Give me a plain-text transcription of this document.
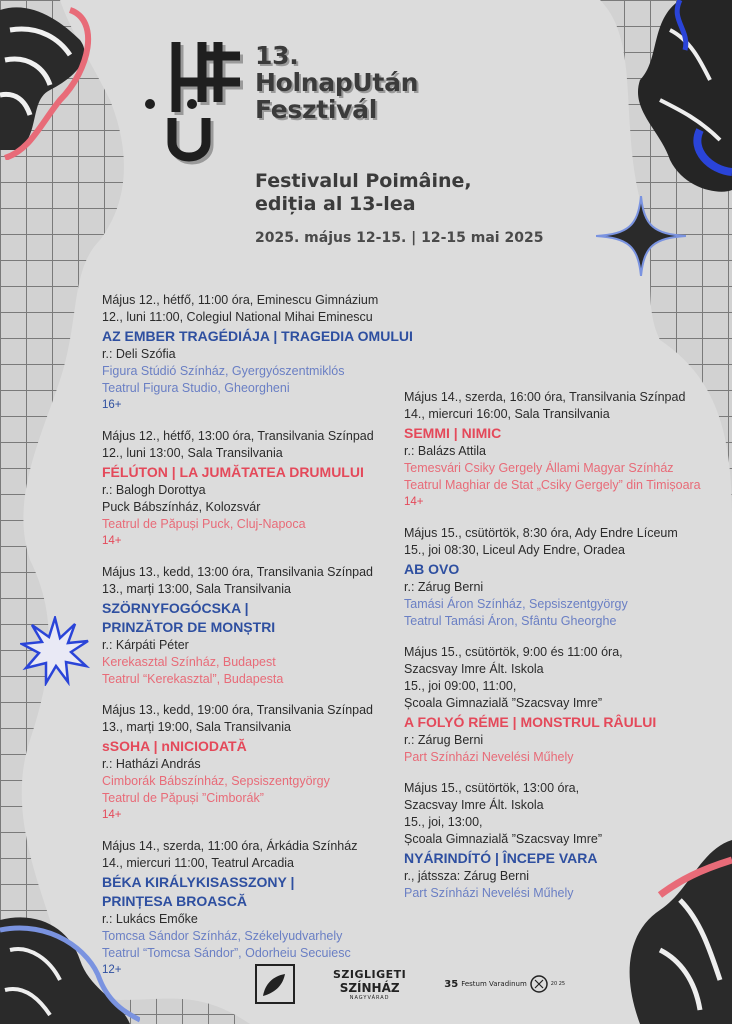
13.
HolnapUtán
Fesztivál
Festivalul Poimâine,
ediția al 13-lea
2025. május 12-15. | 12-15 mai 2025
Május 12., hétfő, 11:00 óra, Eminescu Gimnázium
12., luni 11:00, Colegiul National Mihai Eminescu
AZ EMBER TRAGÉDIÁJA | TRAGEDIA OMULUI
r.: Deli Szófia
Figura Stúdió Színház, Gyergyószentmiklós
Teatrul Figura Studio, Gheorgheni
16+
Május 12., hétfő, 13:00 óra, Transilvania Színpad
12., luni 13:00, Sala Transilvania
FÉLÚTON | LA JUMĂTATEA DRUMULUI
r.: Balogh Dorottya
Puck Bábszínház, Kolozsvár
Teatrul de Păpuși Puck, Cluj-Napoca
14+
Május 13., kedd, 13:00 óra, Transilvania Színpad
13., marți 13:00, Sala Transilvania
SZÖRNYFOGÓCSKA |
PRINZĂTOR DE MONȘTRI
r.: Kárpáti Péter
Kerekasztal Színház, Budapest
Teatrul “Kerekasztal”, Budapesta
Május 13., kedd, 19:00 óra, Transilvania Színpad
13., marți 19:00, Sala Transilvania
sSOHA | nNICIODATĂ
r.: Hatházi András
Cimborák Bábszínház, Sepsiszentgyörgy
Teatrul de Păpuși ”Cimborák”
14+
Május 14., szerda, 11:00 óra, Árkádia Színház
14., miercuri 11:00, Teatrul Arcadia
BÉKA KIRÁLYKISASSZONY |
PRINȚESA BROASCĂ
r.: Lukács Emőke
Tomcsa Sándor Színház, Székelyudvarhely
Teatrul “Tomcsa Sándor”, Odorheiu Secuiesc
12+
Május 14., szerda, 16:00 óra, Transilvania Színpad
14., miercuri 16:00, Sala Transilvania
SEMMI | NIMIC
r.: Balázs Attila
Temesvári Csiky Gergely Állami Magyar Színház
Teatrul Maghiar de Stat „Csiky Gergely” din Timișoara
14+
Május 15., csütörtök, 8:30 óra, Ady Endre Líceum
15., joi 08:30, Liceul Ady Endre, Oradea
AB OVO
r.: Zárug Berni
Tamási Áron Színház, Sepsiszentgyörgy
Teatrul Tamási Áron, Sfântu Gheorghe
Május 15., csütörtök, 9:00 és 11:00 óra,
Szacsvay Imre Ált. Iskola
15., joi 09:00, 11:00,
Școala Gimnazială ”Szacsvay Imre”
A FOLYÓ RÉME | MONSTRUL RÂULUI
r.: Zárug Berni
Part Színházi Nevelési Műhely
Május 15., csütörtök, 13:00 óra,
Szacsvay Imre Ált. Iskola
15., joi, 13:00,
Școala Gimnazială ”Szacsvay Imre”
NYÁRINDÍTÓ | ÎNCEPE VARA
r., játssza: Zárug Berni
Part Színházi Nevelési Műhely
SZIGLIGETI
SZÍNHÁZ
NAGYVÁRAD
35 Festum Varadinum	20 25
